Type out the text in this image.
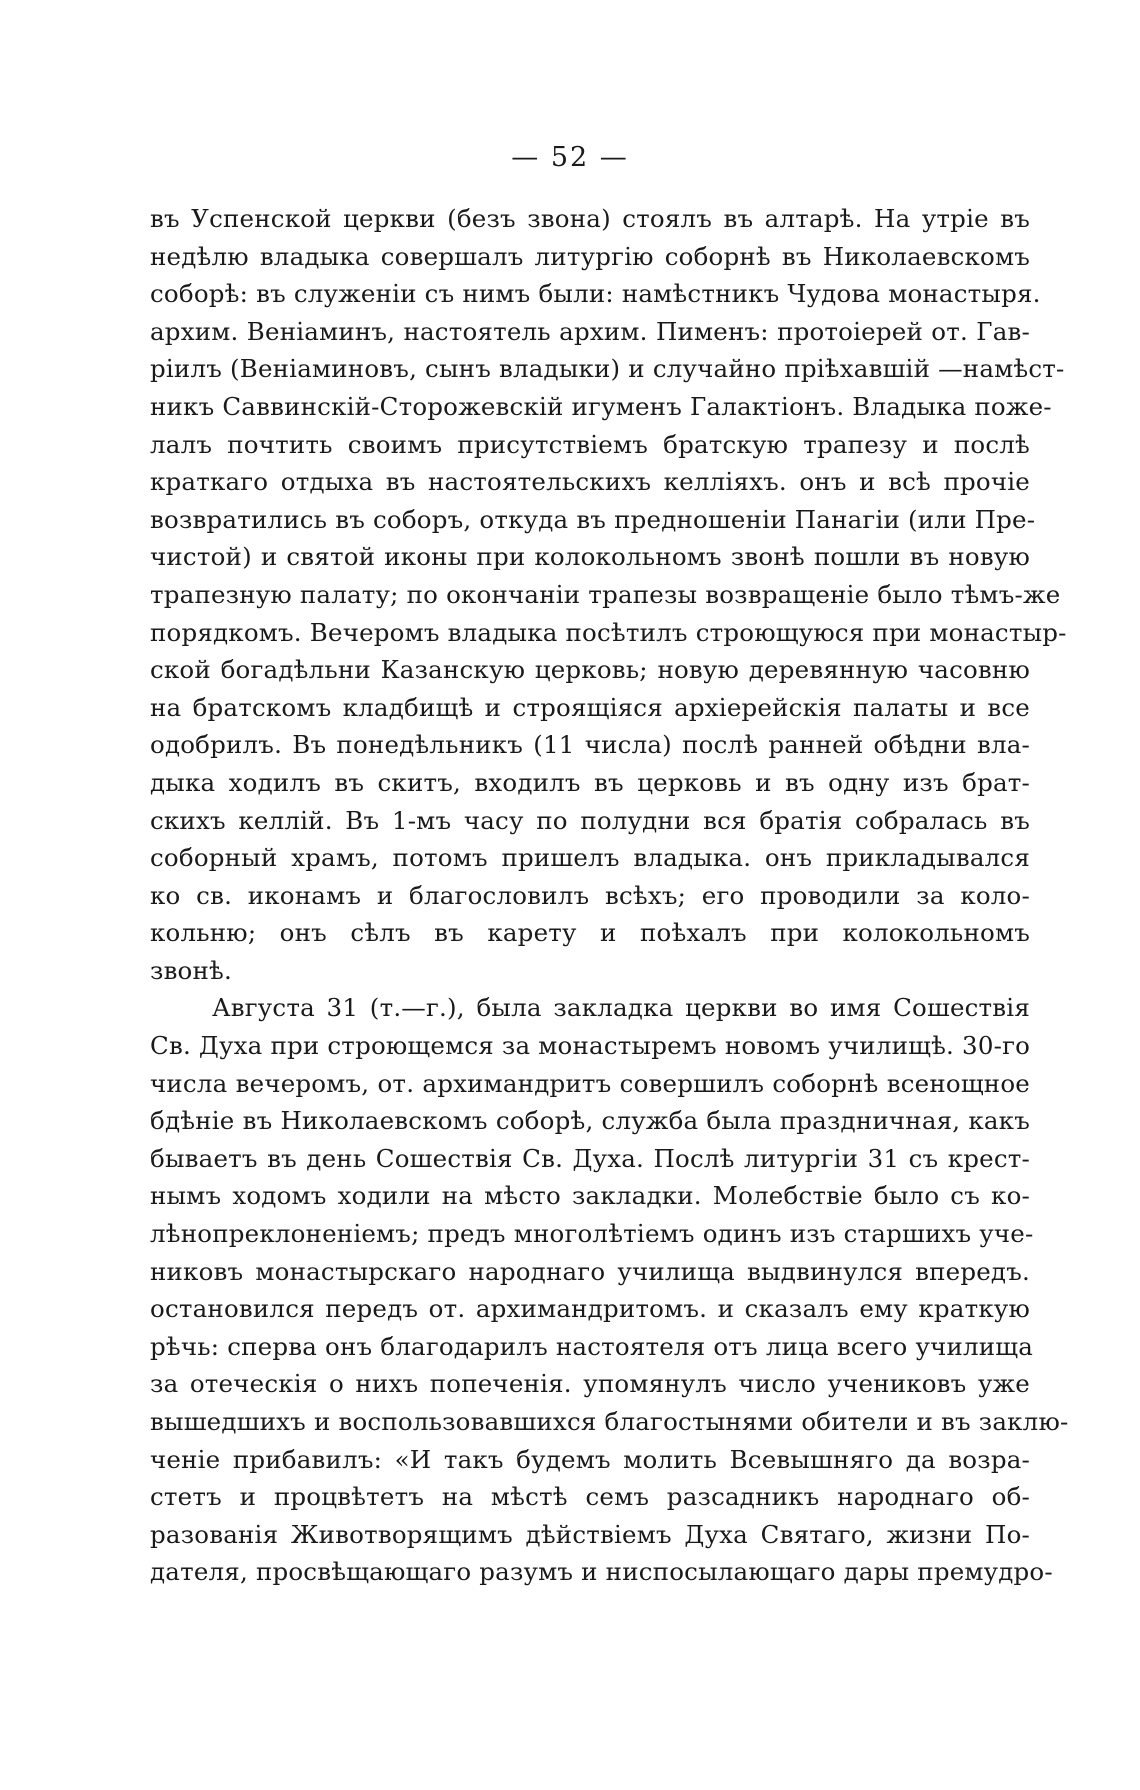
— 52 —
въ Успенской церкви (безъ звона) стоялъ въ алтарѣ. На утріе въ
недѣлю владыка совершалъ литургію соборнѣ въ Николаевскомъ
соборѣ: въ служеніи съ нимъ были: намѣстникъ Чудова монастыря.
архим. Веніаминъ, настоятель архим. Пименъ: протоіерей от. Гав-
ріилъ (Веніаминовъ, сынъ владыки) и случайно пріѣхавшій —намѣст-
никъ Саввинскій-Сторожевскій игуменъ Галактіонъ. Владыка поже-
лалъ почтить своимъ присутствіемъ братскую трапезу и послѣ
краткаго отдыха въ настоятельскихъ келліяхъ. онъ и всѣ прочіе
возвратились въ соборъ, откуда въ предношеніи Панагіи (или Пре-
чистой) и святой иконы при колокольномъ звонѣ пошли въ новую
трапезную палату; по окончаніи трапезы возвращеніе было тѣмъ-же
порядкомъ. Вечеромъ владыка посѣтилъ строющуюся при монастыр-
ской богадѣльни Казанскую церковь; новую деревянную часовню
на братскомъ кладбищѣ и строящіяся архіерейскія палаты и все
одобрилъ. Въ понедѣльникъ (11 числа) послѣ ранней обѣдни вла-
дыка ходилъ въ скитъ, входилъ въ церковь и въ одну изъ брат-
скихъ келлій. Въ 1-мъ часу по полудни вся братія собралась въ
соборный храмъ, потомъ пришелъ владыка. онъ прикладывался
ко св. иконамъ и благословилъ всѣхъ; его проводили за коло-
кольню; онъ сѣлъ въ карету и поѣхалъ при колокольномъ
звонѣ.
Августа 31 (т.—г.), была закладка церкви во имя Сошествія
Св. Духа при строющемся за монастыремъ новомъ училищѣ. 30-го
числа вечеромъ, от. архимандритъ совершилъ соборнѣ всенощное
бдѣніе въ Николаевскомъ соборѣ, служба была праздничная, какъ
бываетъ въ день Сошествія Св. Духа. Послѣ литургіи 31 съ крест-
нымъ ходомъ ходили на мѣсто закладки. Молебствіе было съ ко-
лѣнопреклоненіемъ; предъ многолѣтіемъ одинъ изъ старшихъ уче-
никовъ монастырскаго народнаго училища выдвинулся впередъ.
остановился передъ от. архимандритомъ. и сказалъ ему краткую
рѣчь: сперва онъ благодарилъ настоятеля отъ лица всего училища
за отеческія о нихъ попеченія. упомянулъ число учениковъ уже
вышедшихъ и воспользовавшихся благостынями обители и въ заклю-
ченіе прибавилъ: «И такъ будемъ молить Всевышняго да возра-
стетъ и процвѣтетъ на мѣстѣ семъ разсадникъ народнаго об-
разованія Животворящимъ дѣйствіемъ Духа Святаго, жизни По-
дателя, просвѣщающаго разумъ и ниспосылающаго дары премудро-
